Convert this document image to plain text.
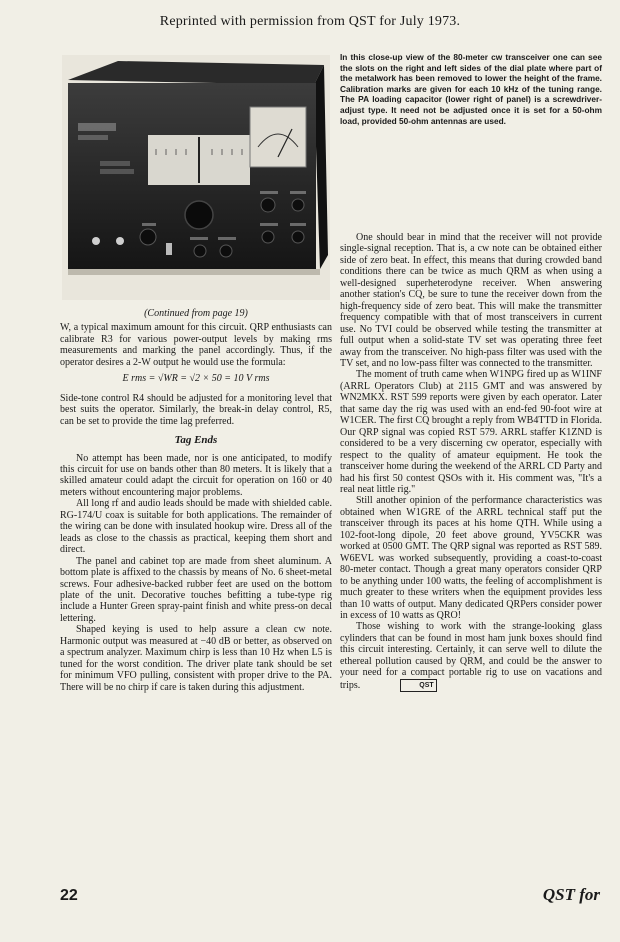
Reprinted with permission from QST for July 1973.
In this close-up view of the 80-meter cw transceiver one can see the slots on the right and left sides of the dial plate where part of the metalwork has been removed to lower the height of the frame. Calibration marks are given for each 10 kHz of the tuning range. The PA loading capacitor (lower right of panel) is a screwdriver-adjust type. It need not be adjusted once it is set for a 50-ohm load, provided 50-ohm antennas are used.
(Continued from page 19)

W, a typical maximum amount for this circuit. QRP enthusiasts can calibrate R3 for various power-output levels by making rms measurements and marking the panel accordingly. Thus, if the operator desires a 2-W output he would use the formula:

E rms = √WR = √2 × 50 = 10 V rms

Side-tone control R4 should be adjusted for a monitoring level that best suits the operator. Similarly, the break-in delay control, R5, can be set to provide the time lag preferred.

Tag Ends

No attempt has been made, nor is one anticipated, to modify this circuit for use on bands other than 80 meters. It is likely that a skilled amateur could adapt the circuit for operation on 160 or 40 meters without encountering major problems.

All long rf and audio leads should be made with shielded cable. RG-174/U coax is suitable for both applications. The remainder of the wiring can be done with insulated hookup wire. Dress all of the leads as close to the chassis as practical, keeping them short and direct.

The panel and cabinet top are made from sheet aluminum. A bottom plate is affixed to the chassis by means of No. 6 sheet-metal screws. Four adhesive-backed rubber feet are used on the bottom plate of the unit. Decorative touches befitting a tube-type rig include a Hunter Green spray-paint finish and white press-on decal lettering.

Shaped keying is used to help assure a clean cw note. Harmonic output was measured at −40 dB or better, as observed on a spectrum analyzer. Maximum chirp is less than 10 Hz when L5 is tuned for the worst condition. The driver plate tank should be set for minimum VFO pulling, consistent with proper drive to the PA. There will be no chirp if care is taken during this adjustment.

One should bear in mind that the receiver will not provide single-signal reception. That is, a cw note can be obtained either side of zero beat. In effect, this means that during crowded band conditions there can be twice as much QRM as when using a well-designed superheterodyne receiver. When answering another station's CQ, be sure to tune the receiver down from the high-frequency side of zero beat. This will make the transmitter frequency compatible with that of most transceivers in current use. No TVI could be observed while testing the transmitter at full output when a solid-state TV set was operating three feet away from the transceiver. No high-pass filter was used with the TV set, and no low-pass filter was connected to the transmitter.

The moment of truth came when W1NPG fired up as W1INF (ARRL Operators Club) at 2115 GMT and was answered by WN2MKX. RST 599 reports were given by each operator. Later that same day the rig was used with an end-fed 90-foot wire at W1CER. The first CQ brought a reply from WB4TTD in Florida. Our QRP signal was copied RST 579. ARRL staffer K1ZND is considered to be a very discerning cw operator, especially with respect to the quality of amateur equipment. He took the transceiver home during the weekend of the ARRL CD Party and had his first 50 contest QSOs with it. His comment was, "It's a real neat little rig."

Still another opinion of the performance characteristics was obtained when W1GRE of the ARRL technical staff put the transceiver through its paces at his home QTH. While using a 102-foot-long dipole, 20 feet above ground, YV5CKR was worked at 0500 GMT. The QRP signal was reported as RST 589. W6EVL was worked subsequently, providing a coast-to-coast 80-meter contact. Though a great many operators consider QRP to be anything under 100 watts, the feeling of accomplishment is much greater to these writers when the equipment provides less than 10 watts of output. Many dedicated QRPers consider power in excess of 10 watts as QRO!

Those wishing to work with the strange-looking glass cylinders that can be found in most ham junk boxes should find this circuit interesting. Certainly, it can serve well to dilute the ethereal pollution caused by QRM, and could be the answer to your need for a compact portable rig to use on vacations and trips.	QST

22	QST for
